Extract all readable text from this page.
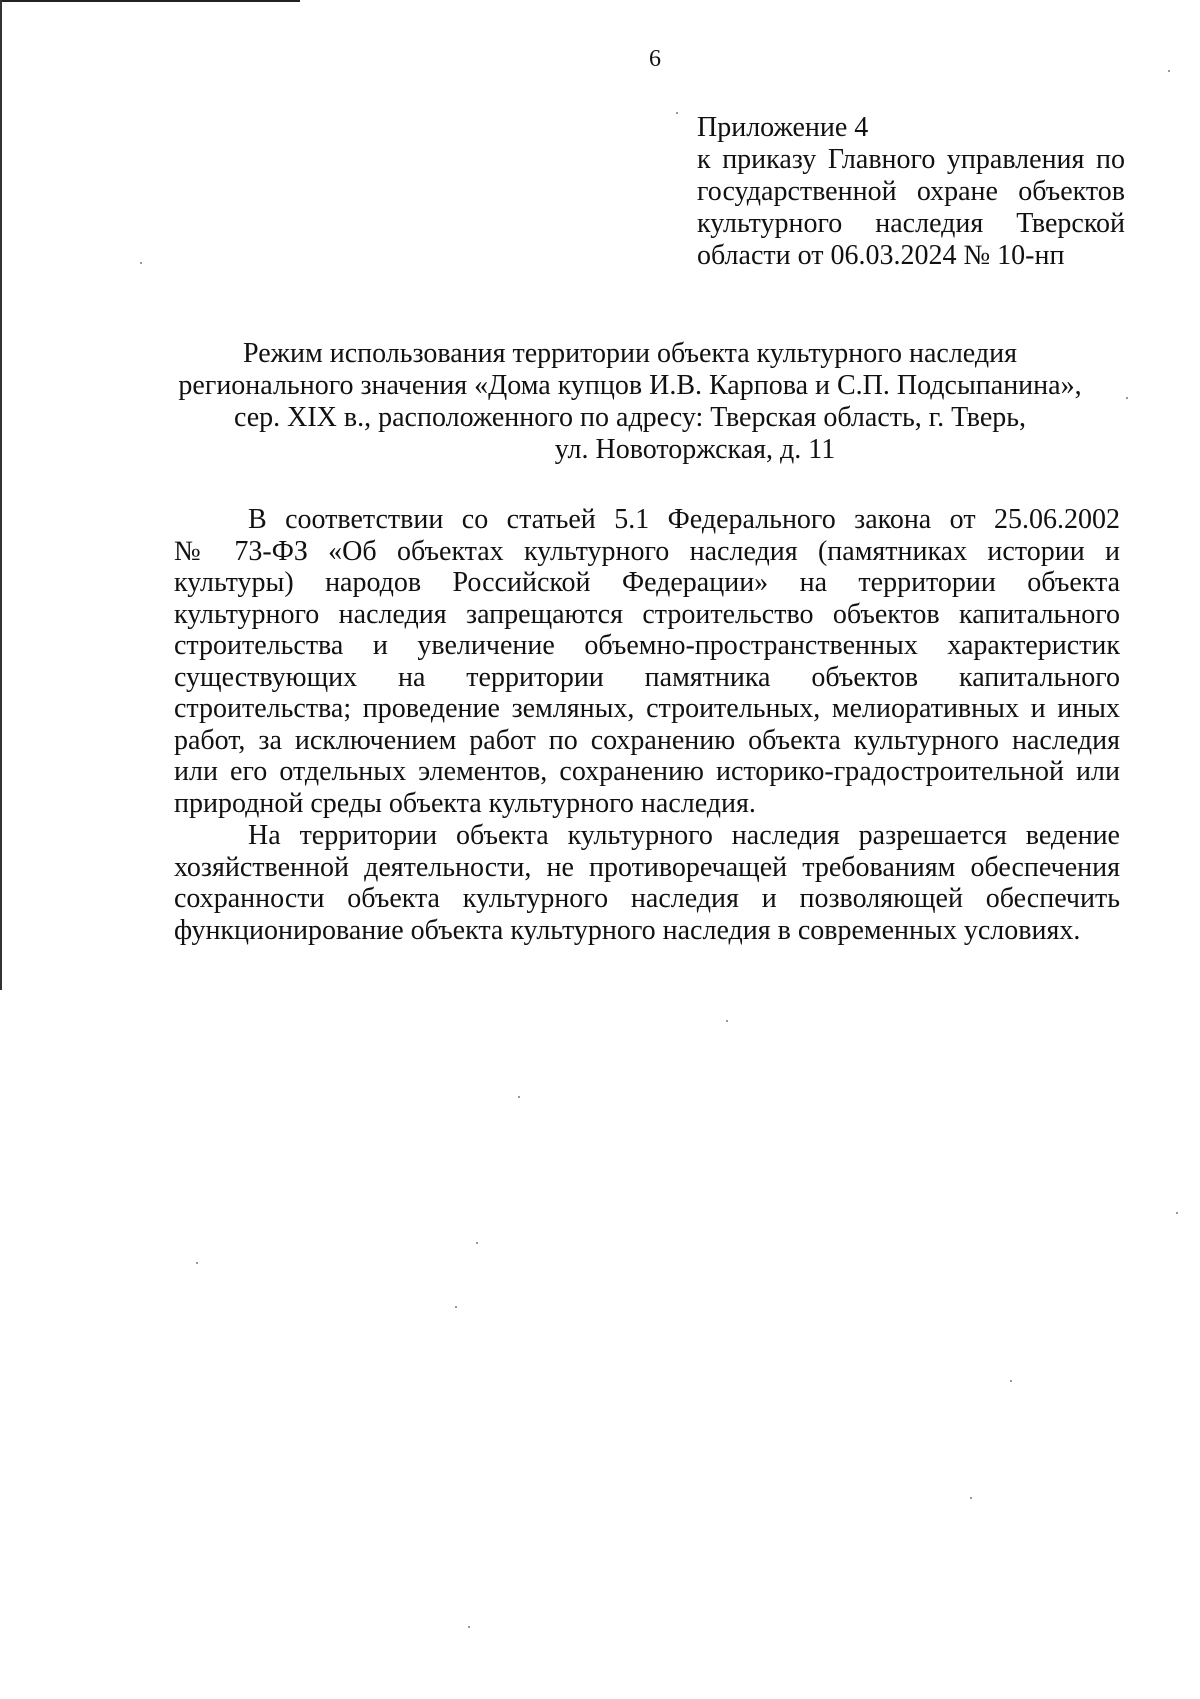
6
Приложение 4
к приказу Главного управления по
государственной охране объектов
культурного наследия Тверской
области от 06.03.2024 № 10-нп
Режим использования территории объекта культурного наследия
регионального значения «Дома купцов И.В. Карпова и С.П. Подсыпанина»,
сер. XIX в., расположенного по адресу: Тверская область, г. Тверь,
ул. Новоторжская, д. 11
В соответствии со статьей 5.1 Федерального закона от 25.06.2002
№ 73-ФЗ «Об объектах культурного наследия (памятниках истории и
культуры) народов Российской Федерации» на территории объекта
культурного наследия запрещаются строительство объектов капитального
строительства и увеличение объемно-пространственных характеристик
существующих на территории памятника объектов капитального
строительства; проведение земляных, строительных, мелиоративных и иных
работ, за исключением работ по сохранению объекта культурного наследия
или его отдельных элементов, сохранению историко-градостроительной или
природной среды объекта культурного наследия.
На территории объекта культурного наследия разрешается ведение
хозяйственной деятельности, не противоречащей требованиям обеспечения
сохранности объекта культурного наследия и позволяющей обеспечить
функционирование объекта культурного наследия в современных условиях.
